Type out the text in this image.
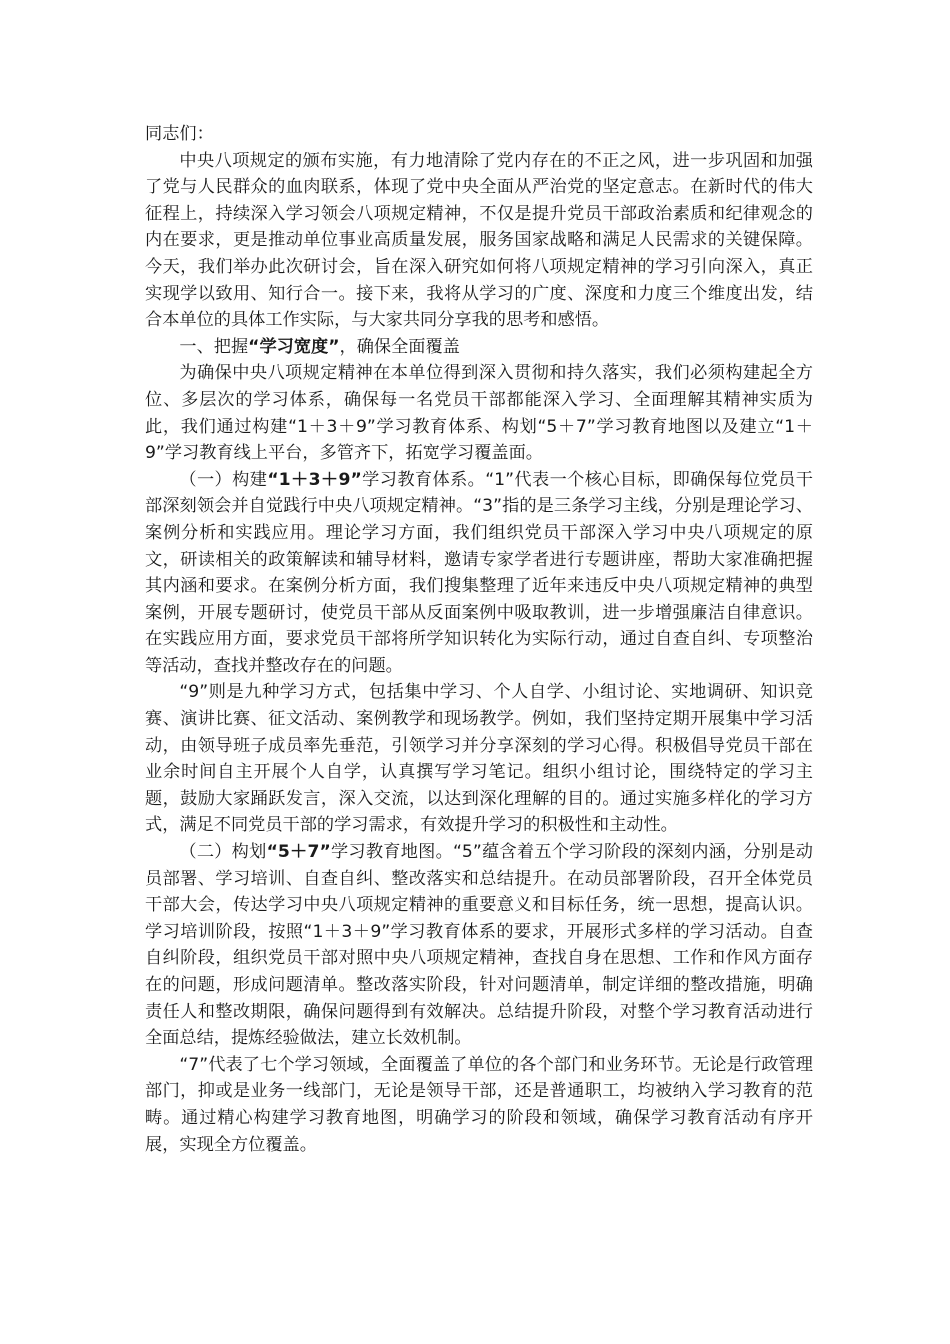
同志们：

中央八项规定的颁布实施，有力地清除了党内存在的不正之风，进一步巩固和加强了党与人民群众的血肉联系，体现了党中央全面从严治党的坚定意志。在新时代的伟大征程上，持续深入学习领会八项规定精神，不仅是提升党员干部政治素质和纪律观念的内在要求，更是推动单位事业高质量发展，服务国家战略和满足人民需求的关键保障。今天，我们举办此次研讨会，旨在深入研究如何将八项规定精神的学习引向深入，真正实现学以致用、知行合一。接下来，我将从学习的广度、深度和力度三个维度出发，结合本单位的具体工作实际，与大家共同分享我的思考和感悟。

一、把握“学习宽度”，确保全面覆盖

为确保中央八项规定精神在本单位得到深入贯彻和持久落实，我们必须构建起全方位、多层次的学习体系，确保每一名党员干部都能深入学习、全面理解其精神实质为此，我们通过构建“1＋3＋9”学习教育体系、构划“5＋7”学习教育地图以及建立“1＋9”学习教育线上平台，多管齐下，拓宽学习覆盖面。

（一）构建“1＋3＋9”学习教育体系。“1”代表一个核心目标，即确保每位党员干部深刻领会并自觉践行中央八项规定精神。“3”指的是三条学习主线，分别是理论学习、案例分析和实践应用。理论学习方面，我们组织党员干部深入学习中央八项规定的原文，研读相关的政策解读和辅导材料，邀请专家学者进行专题讲座，帮助大家准确把握其内涵和要求。在案例分析方面，我们搜集整理了近年来违反中央八项规定精神的典型案例，开展专题研讨，使党员干部从反面案例中吸取教训，进一步增强廉洁自律意识。在实践应用方面，要求党员干部将所学知识转化为实际行动，通过自查自纠、专项整治等活动，查找并整改存在的问题。

“9”则是九种学习方式，包括集中学习、个人自学、小组讨论、实地调研、知识竞赛、演讲比赛、征文活动、案例教学和现场教学。例如，我们坚持定期开展集中学习活动，由领导班子成员率先垂范，引领学习并分享深刻的学习心得。积极倡导党员干部在业余时间自主开展个人自学，认真撰写学习笔记。组织小组讨论，围绕特定的学习主题，鼓励大家踊跃发言，深入交流，以达到深化理解的目的。通过实施多样化的学习方式，满足不同党员干部的学习需求，有效提升学习的积极性和主动性。

（二）构划“5＋7”学习教育地图。“5”蕴含着五个学习阶段的深刻内涵，分别是动员部署、学习培训、自查自纠、整改落实和总结提升。在动员部署阶段，召开全体党员干部大会，传达学习中央八项规定精神的重要意义和目标任务，统一思想，提高认识。学习培训阶段，按照“1＋3＋9”学习教育体系的要求，开展形式多样的学习活动。自查自纠阶段，组织党员干部对照中央八项规定精神，查找自身在思想、工作和作风方面存在的问题，形成问题清单。整改落实阶段，针对问题清单，制定详细的整改措施，明确责任人和整改期限，确保问题得到有效解决。总结提升阶段，对整个学习教育活动进行全面总结，提炼经验做法，建立长效机制。

“7”代表了七个学习领域，全面覆盖了单位的各个部门和业务环节。无论是行政管理部门，抑或是业务一线部门，无论是领导干部，还是普通职工，均被纳入学习教育的范畴。通过精心构建学习教育地图，明确学习的阶段和领域，确保学习教育活动有序开展，实现全方位覆盖。
